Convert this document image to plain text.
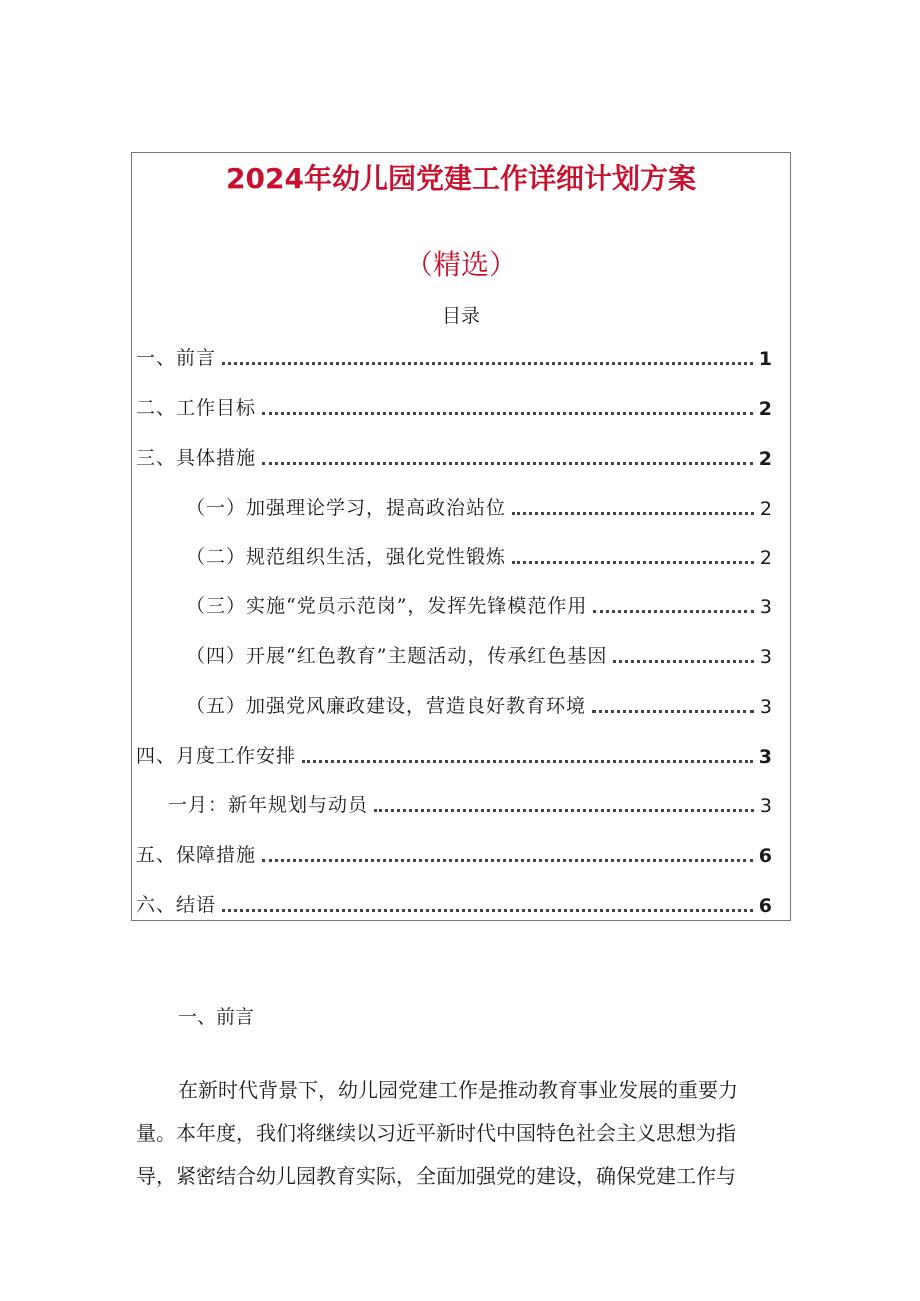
2024年幼儿园党建工作详细计划方案
（精选）
目录
一、前言	1
二、工作目标	2
三、具体措施	2
（一）加强理论学习，提高政治站位	2
（二）规范组织生活，强化党性锻炼	2
（三）实施“党员示范岗”，发挥先锋模范作用	3
（四）开展“红色教育”主题活动，传承红色基因	3
（五）加强党风廉政建设，营造良好教育环境	3
四、月度工作安排	3
一月：新年规划与动员	3
五、保障措施	6
六、结语	6
一、前言

在新时代背景下，幼儿园党建工作是推动教育事业发展的重要力
量。本年度，我们将继续以习近平新时代中国特色社会主义思想为指
导，紧密结合幼儿园教育实际，全面加强党的建设，确保党建工作与
